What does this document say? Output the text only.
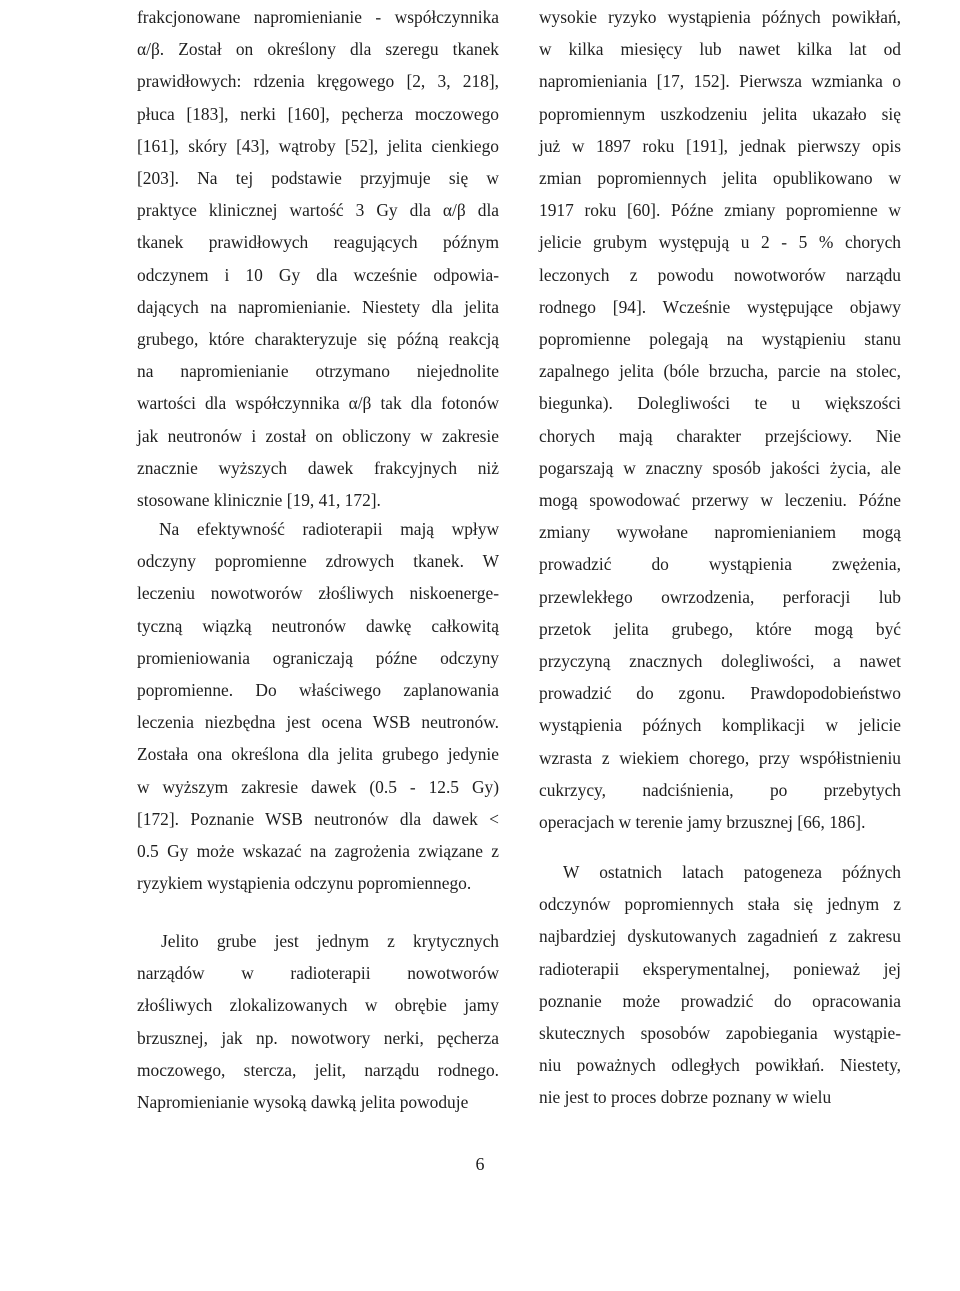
frakcjonowane napromienianie - współczynnika
α/β. Został on określony dla szeregu tkanek
prawidłowych: rdzenia kręgowego [2, 3, 218],
płuca [183], nerki [160], pęcherza moczowego
[161], skóry [43], wątroby [52], jelita cienkiego
[203]. Na tej podstawie przyjmuje się w
praktyce klinicznej wartość 3 Gy dla α/β dla
tkanek prawidłowych reagujących późnym
odczynem i 10 Gy dla wcześnie odpowia-
dających na napromienianie. Niestety dla jelita
grubego, które charakteryzuje się późną reakcją
na napromienianie otrzymano niejednolite
wartości dla współczynnika α/β tak dla fotonów
jak neutronów i został on obliczony w zakresie
znacznie wyższych dawek frakcyjnych niż
stosowane klinicznie [19, 41, 172].
Na efektywność radioterapii mają wpływ
odczyny popromienne zdrowych tkanek. W
leczeniu nowotworów złośliwych niskoenerge-
tyczną wiązką neutronów dawkę całkowitą
promieniowania ograniczają późne odczyny
popromienne. Do właściwego zaplanowania
leczenia niezbędna jest ocena WSB neutronów.
Została ona określona dla jelita grubego jedynie
w wyższym zakresie dawek (0.5 - 12.5 Gy)
[172]. Poznanie WSB neutronów dla dawek <
0.5 Gy może wskazać na zagrożenia związane z
ryzykiem wystąpienia odczynu popromiennego.
Jelito grube jest jednym z krytycznych
narządów w radioterapii nowotworów
złośliwych zlokalizowanych w obrębie jamy
brzusznej, jak np. nowotwory nerki, pęcherza
moczowego, stercza, jelit, narządu rodnego.
Napromienianie wysoką dawką jelita powoduje
wysokie ryzyko wystąpienia późnych powikłań,
w kilka miesięcy lub nawet kilka lat od
napromieniania [17, 152]. Pierwsza wzmianka o
popromiennym uszkodzeniu jelita ukazało się
już w 1897 roku [191], jednak pierwszy opis
zmian popromiennych jelita opublikowano w
1917 roku [60]. Późne zmiany popromienne w
jelicie grubym występują u 2 - 5 % chorych
leczonych z powodu nowotworów narządu
rodnego [94]. Wcześnie występujące objawy
popromienne polegają na wystąpieniu stanu
zapalnego jelita (bóle brzucha, parcie na stolec,
biegunka). Dolegliwości te u większości
chorych mają charakter przejściowy. Nie
pogarszają w znaczny sposób jakości życia, ale
mogą spowodować przerwy w leczeniu. Późne
zmiany wywołane napromienianiem mogą
prowadzić do wystąpienia zwężenia,
przewlekłego owrzodzenia, perforacji lub
przetok jelita grubego, które mogą być
przyczyną znacznych dolegliwości, a nawet
prowadzić do zgonu. Prawdopodobieństwo
wystąpienia późnych komplikacji w jelicie
wzrasta z wiekiem chorego, przy współistnieniu
cukrzycy, nadciśnienia, po przebytych
operacjach w terenie jamy brzusznej [66, 186].
W ostatnich latach patogeneza późnych
odczynów popromiennych stała się jednym z
najbardziej dyskutowanych zagadnień z zakresu
radioterapii eksperymentalnej, ponieważ jej
poznanie może prowadzić do opracowania
skutecznych sposobów zapobiegania wystąpie-
niu poważnych odległych powikłań. Niestety,
nie jest to proces dobrze poznany w wielu
6
